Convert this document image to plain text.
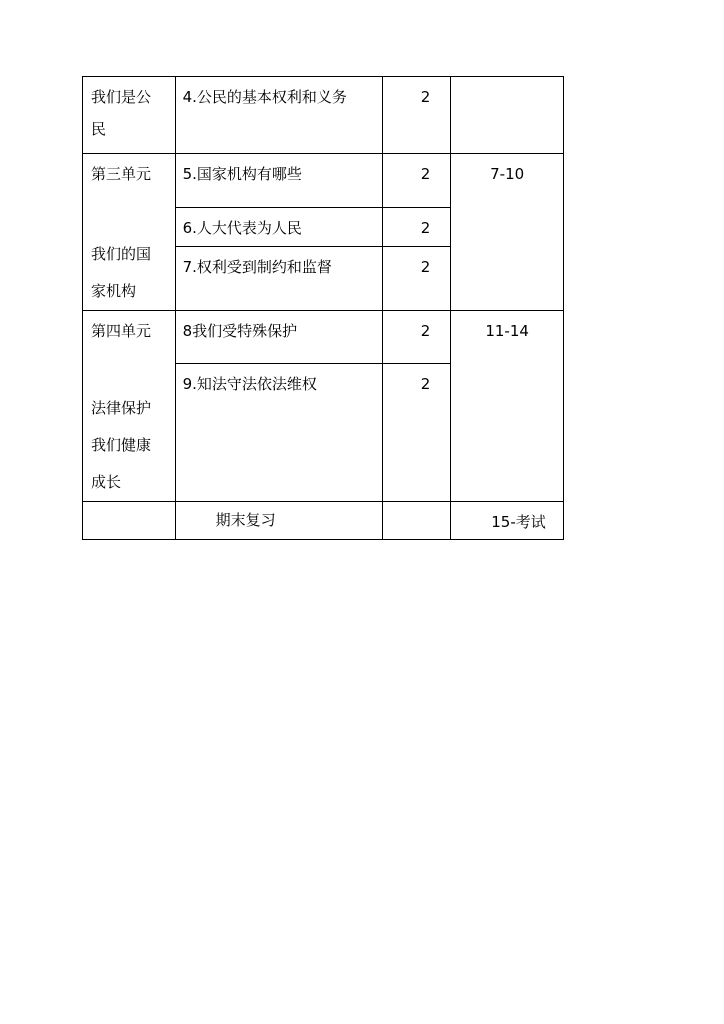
我们是公
民	4.公民的基本权利和义务	2	

第三单元
我们的国
家机构	5.国家机构有哪些	2	7-10
	6.人大代表为人民	2	
	7.权利受到制约和监督	2	

第四单元
法律保护
我们健康
成长	8我们受特殊保护	2	11-14
	9.知法守法依法维权	2	
	期末复习		15-考试
